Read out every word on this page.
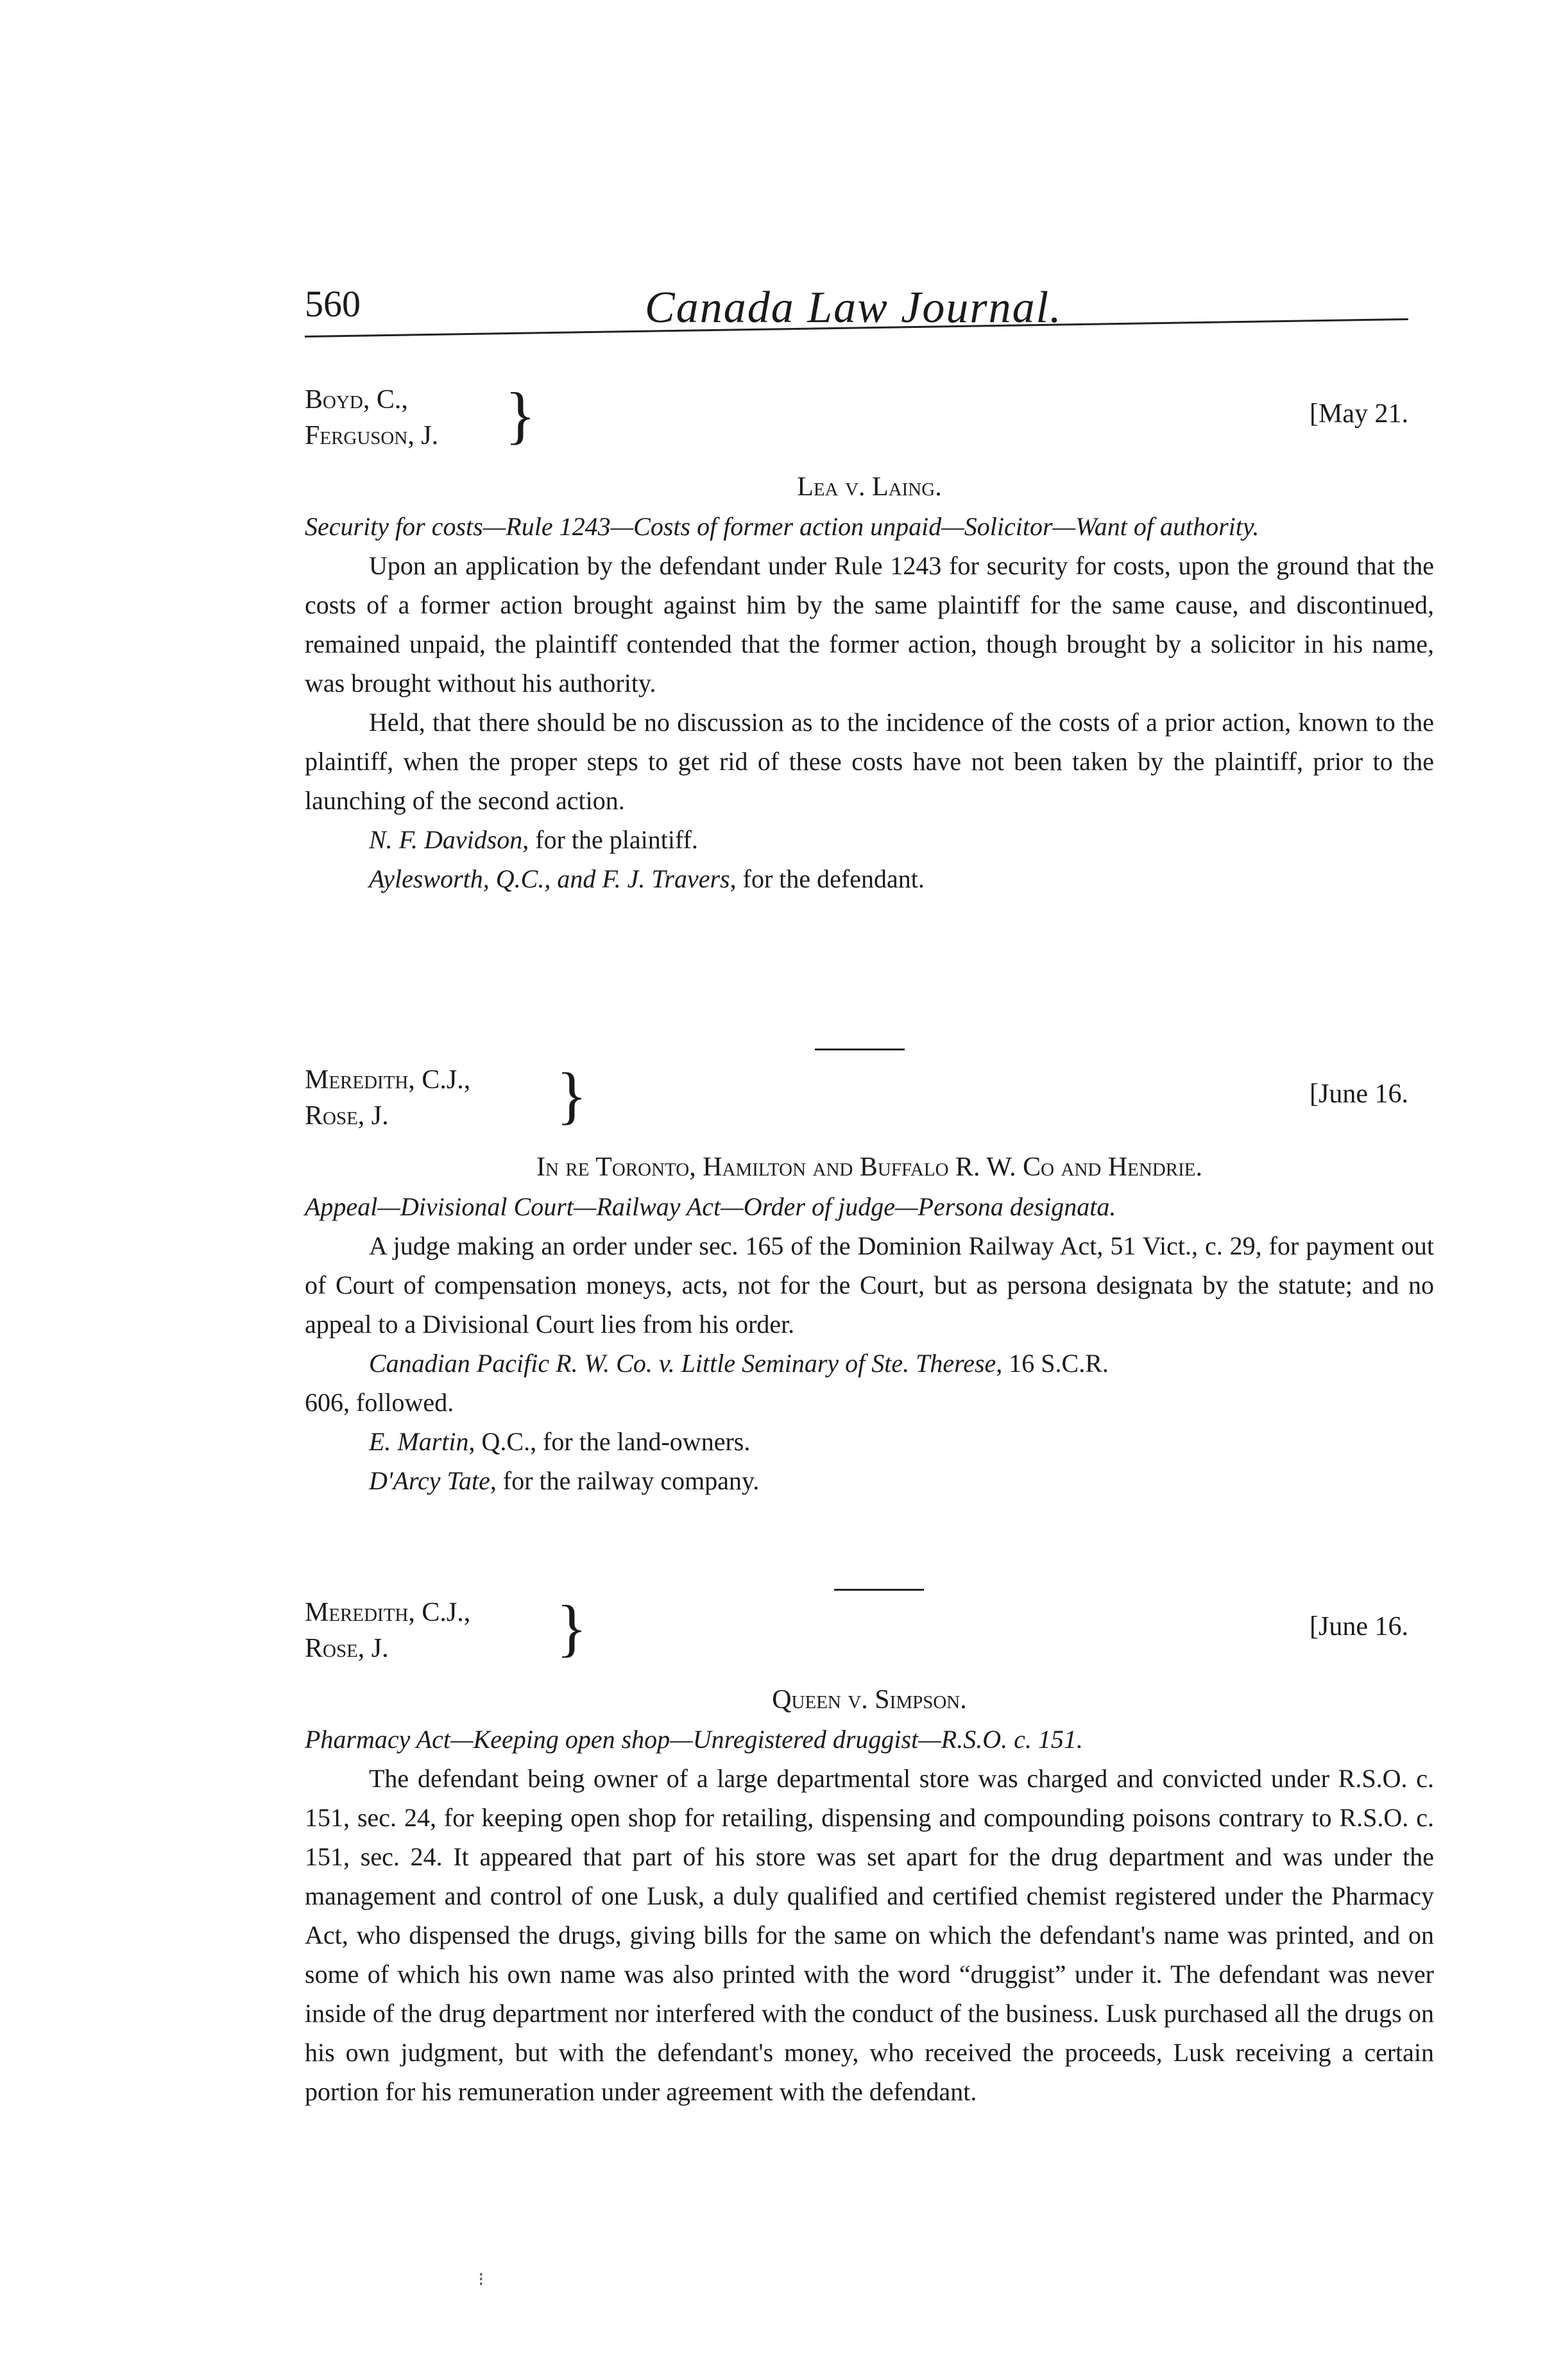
560	Canada Law Journal.
Boyd, C.,
Ferguson, J. }	[May 21.
Lea v. Laing.

Security for costs—Rule 1243—Costs of former action unpaid—Solicitor—Want of authority.

Upon an application by the defendant under Rule 1243 for security for costs, upon the ground that the costs of a former action brought against him by the same plaintiff for the same cause, and discontinued, remained unpaid, the plaintiff contended that the former action, though brought by a solicitor in his name, was brought without his authority.

Held, that there should be no discussion as to the incidence of the costs of a prior action, known to the plaintiff, when the proper steps to get rid of these costs have not been taken by the plaintiff, prior to the launching of the second action.

N. F. Davidson, for the plaintiff.

Aylesworth, Q.C., and F. J. Travers, for the defendant.

Meredith, C.J.,
Rose, J.	}	[June 16.
In re Toronto, Hamilton and Buffalo R. W. Co and Hendrie.

Appeal—Divisional Court—Railway Act—Order of judge—Persona designata.

A judge making an order under sec. 165 of the Dominion Railway Act, 51 Vict., c. 29, for payment out of Court of compensation moneys, acts, not for the Court, but as persona designata by the statute; and no appeal to a Divisional Court lies from his order.

Canadian Pacific R. W. Co. v. Little Seminary of Ste. Therese, 16 S.C.R.

606, followed.

E. Martin, Q.C., for the land-owners.

D'Arcy Tate, for the railway company.

Meredith, C.J.,
Rose, J.	}	[June 16.
Queen v. Simpson.

Pharmacy Act—Keeping open shop—Unregistered druggist—R.S.O. c. 151.

The defendant being owner of a large departmental store was charged and convicted under R.S.O. c. 151, sec. 24, for keeping open shop for retailing, dispensing and compounding poisons contrary to R.S.O. c. 151, sec. 24. It appeared that part of his store was set apart for the drug department and was under the management and control of one Lusk, a duly qualified and certified chemist registered under the Pharmacy Act, who dispensed the drugs, giving bills for the same on which the defendant's name was printed, and on some of which his own name was also printed with the word “druggist” under it. The defendant was never inside of the drug department nor interfered with the conduct of the business. Lusk purchased all the drugs on his own judgment, but with the defendant's money, who received the proceeds, Lusk receiving a certain portion for his remuneration under agreement with the defendant.

⁝
